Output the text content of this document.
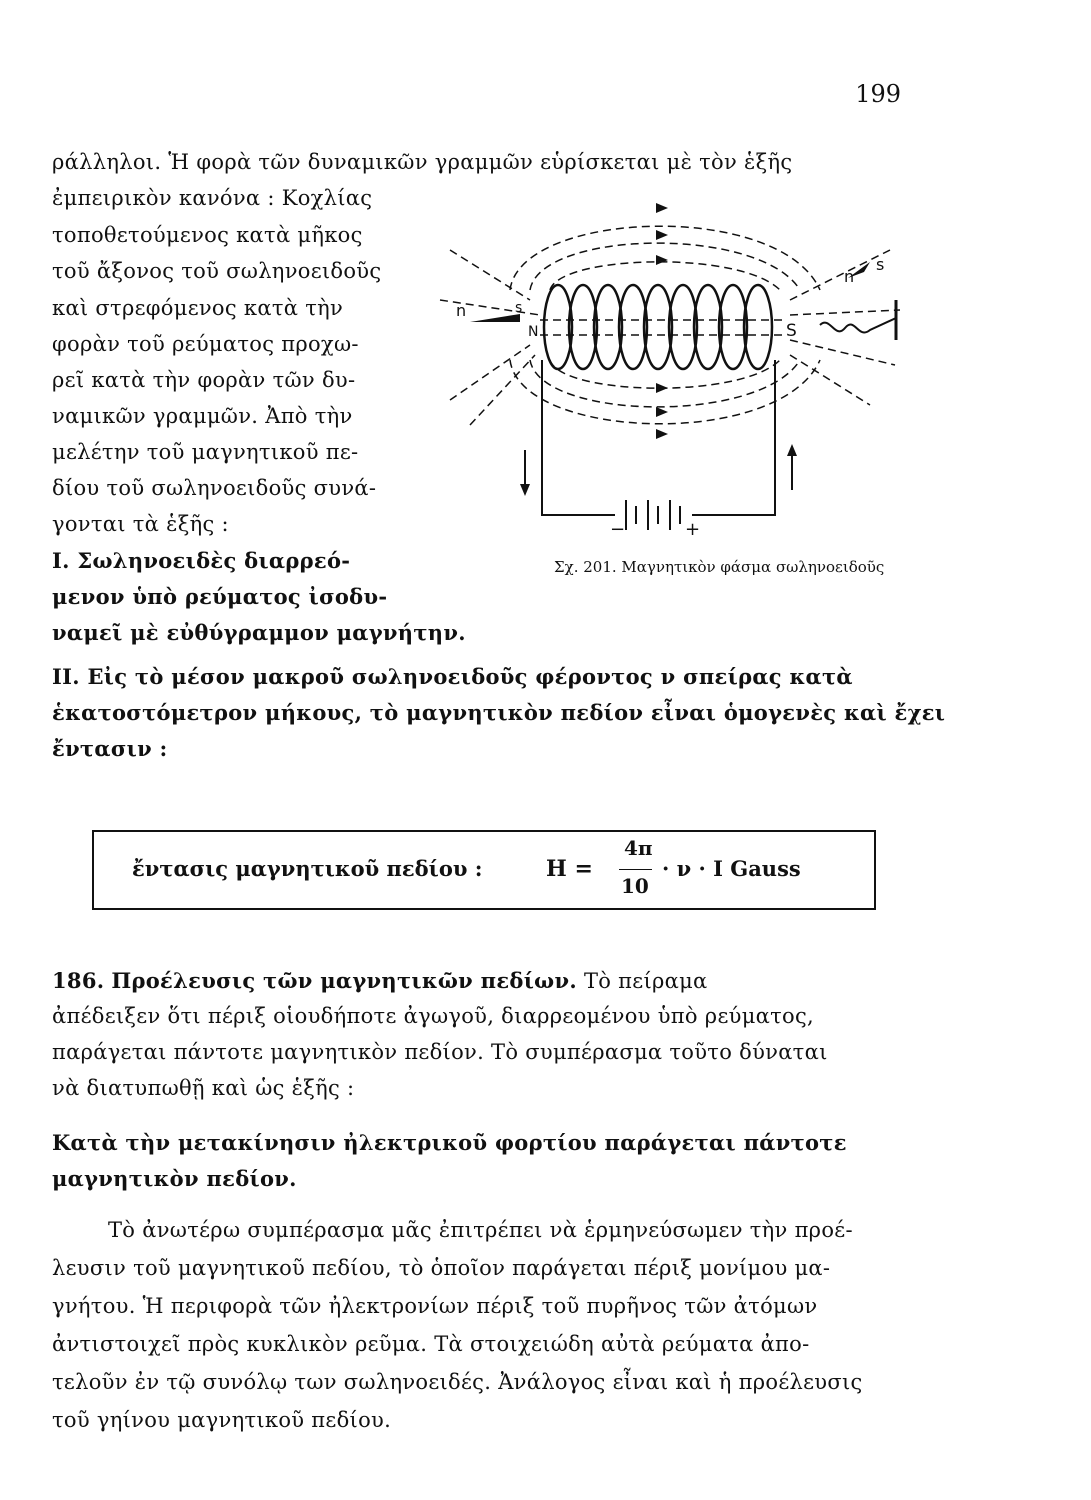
199
ράλληλοι. Ἡ φορὰ τῶν δυναμικῶν γραμμῶν εὑρίσκεται μὲ τὸν ἑξῆς
ἐμπειρικὸν κανόνα : Κοχλίας
τοποθετούμενος κατὰ μῆκος
τοῦ ἄξονος τοῦ σωληνοειδοῦς
καὶ στρεφόμενος κατὰ τὴν
φορὰν τοῦ ρεύματος προχω-
ρεῖ κατὰ τὴν φορὰν τῶν δυ-
ναμικῶν γραμμῶν. Ἀπὸ τὴν
μελέτην τοῦ μαγνητικοῦ πε-
δίου τοῦ σωληνοειδοῦς συνά-
γονται τὰ ἑξῆς :
I. Σωληνοειδὲς διαρρεό-
μενον ὑπὸ ρεύματος ἰσοδυ-
ναμεῖ μὲ εὐθύγραμμον μαγνήτην.
n	s
N	S
n
s
−	+
Σχ. 201. Μαγνητικὸν φάσμα σωληνοειδοῦς
II. Εἰς τὸ μέσον μακροῦ σωληνοειδοῦς φέροντος ν σπείρας κατὰ
ἑκατοστόμετρον μήκους, τὸ μαγνητικὸν πεδίον εἶναι ὁμογενὲς καὶ ἔχει
ἔντασιν :
ἔντασις μαγνητικοῦ πεδίου :	H =
4π
10
· ν · I Gauss
186. Προέλευσις τῶν μαγνητικῶν πεδίων. Τὸ πείραμα
ἀπέδειξεν ὅτι πέριξ οἱουδήποτε ἀγωγοῦ, διαρρεομένου ὑπὸ ρεύματος,
παράγεται πάντοτε μαγνητικὸν πεδίον. Τὸ συμπέρασμα τοῦτο δύναται
νὰ διατυπωθῇ καὶ ὡς ἑξῆς :
Κατὰ τὴν μετακίνησιν ἠλεκτρικοῦ φορτίου παράγεται πάντοτε
μαγνητικὸν πεδίον.
Τὸ ἀνωτέρω συμπέρασμα μᾶς ἐπιτρέπει νὰ ἑρμηνεύσωμεν τὴν προέ-
λευσιν τοῦ μαγνητικοῦ πεδίου, τὸ ὁποῖον παράγεται πέριξ μονίμου μα-
γνήτου. Ἡ περιφορὰ τῶν ἠλεκτρονίων πέριξ τοῦ πυρῆνος τῶν ἀτόμων
ἀντιστοιχεῖ πρὸς κυκλικὸν ρεῦμα. Τὰ στοιχειώδη αὐτὰ ρεύματα ἀπο-
τελοῦν ἐν τῷ συνόλῳ των σωληνοειδές. Ἀνάλογος εἶναι καὶ ἡ προέλευσις
τοῦ γηίνου μαγνητικοῦ πεδίου.
